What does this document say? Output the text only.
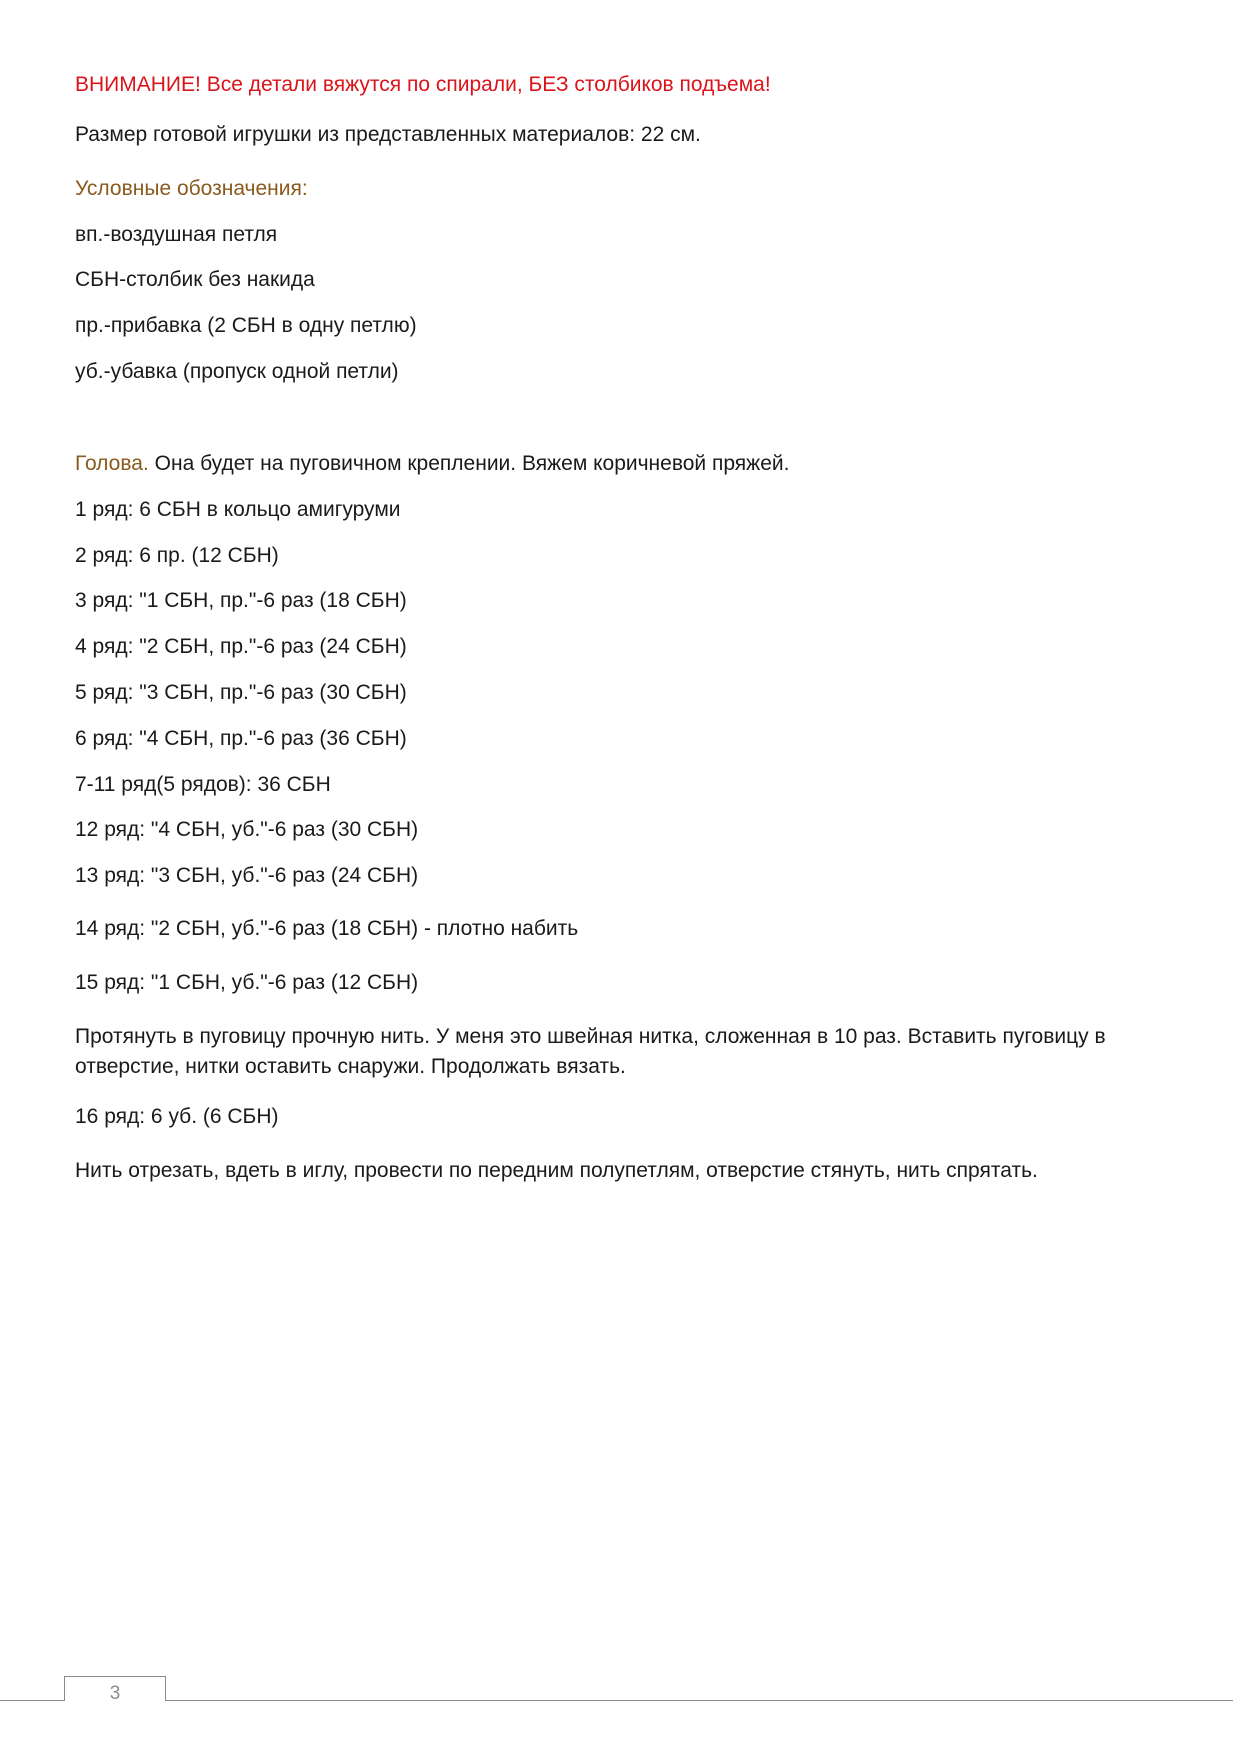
ВНИМАНИЕ! Все детали вяжутся по спирали, БЕЗ столбиков подъема!
Размер готовой игрушки из представленных материалов: 22 см.
Условные обозначения:
вп.-воздушная петля
СБН-столбик без накида
пр.-прибавка (2 СБН в одну петлю)
уб.-убавка (пропуск одной петли)
Голова. Она будет на пуговичном креплении. Вяжем коричневой пряжей.
1 ряд: 6 СБН в кольцо амигуруми
2 ряд: 6 пр. (12 СБН)
3 ряд: "1 СБН, пр."-6 раз (18 СБН)
4 ряд: "2 СБН, пр."-6 раз (24 СБН)
5 ряд: "3 СБН, пр."-6 раз (30 СБН)
6 ряд: "4 СБН, пр."-6 раз (36 СБН)
7-11 ряд(5 рядов): 36 СБН
12 ряд: "4 СБН, уб."-6 раз (30 СБН)
13 ряд: "3 СБН, уб."-6 раз (24 СБН)
14 ряд: "2 СБН, уб."-6 раз (18 СБН) - плотно набить
15 ряд: "1 СБН, уб."-6 раз (12 СБН)
Протянуть в пуговицу прочную нить. У меня это швейная нитка, сложенная в 10 раз. Вставить пуговицу в отверстие, нитки оставить снаружи. Продолжать вязать.
16 ряд: 6 уб. (6 СБН)
Нить отрезать, вдеть в иглу, провести по передним полупетлям, отверстие стянуть, нить спрятать.
3
